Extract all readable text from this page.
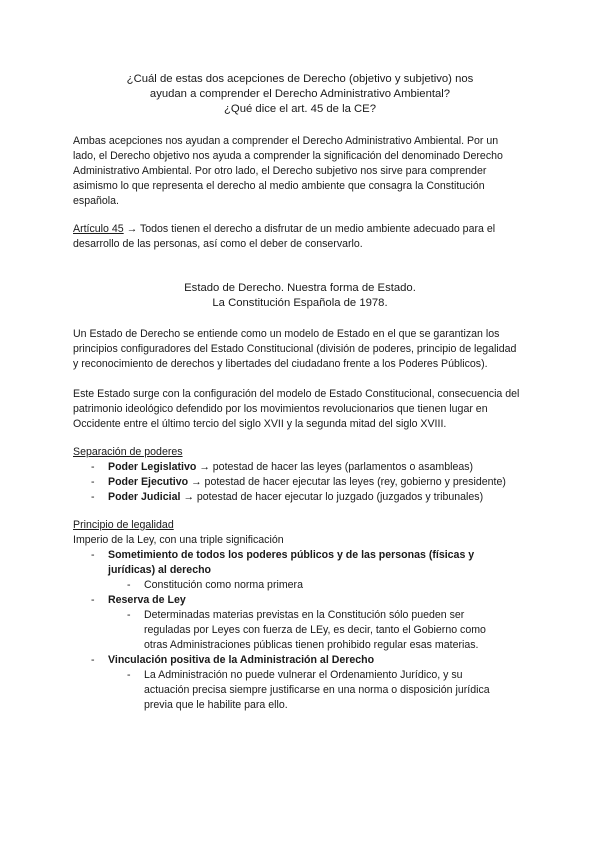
¿Cuál de estas dos acepciones de Derecho (objetivo y subjetivo) nos
ayudan a comprender el Derecho Administrativo Ambiental?
¿Qué dice el art. 45 de la CE?

Ambas acepciones nos ayudan a comprender el Derecho Administrativo Ambiental. Por un lado, el Derecho objetivo nos ayuda a comprender la significación del denominado Derecho Administrativo Ambiental. Por otro lado, el Derecho subjetivo nos sirve para comprender asimismo lo que representa el derecho al medio ambiente que consagra la Constitución española.

Artículo 45 → Todos tienen el derecho a disfrutar de un medio ambiente adecuado para el desarrollo de las personas, así como el deber de conservarlo.

Estado de Derecho. Nuestra forma de Estado.
La Constitución Española de 1978.

Un Estado de Derecho se entiende como un modelo de Estado en el que se garantizan los principios configuradores del Estado Constitucional (división de poderes, principio de legalidad y reconocimiento de derechos y libertades del ciudadano frente a los Poderes Públicos).

Este Estado surge con la configuración del modelo de Estado Constitucional, consecuencia del patrimonio ideológico defendido por los movimientos revolucionarios que tienen lugar en Occidente entre el último tercio del siglo XVII y la segunda mitad del siglo XVIII.

Separación de poderes
- Poder Legislativo → potestad de hacer las leyes (parlamentos o asambleas)
- Poder Ejecutivo → potestad de hacer ejecutar las leyes (rey, gobierno y presidente)
- Poder Judicial → potestad de hacer ejecutar lo juzgado (juzgados y tribunales)
Principio de legalidad
Imperio de la Ley, con una triple significación
- Sometimiento de todos los poderes públicos y de las personas (físicas y jurídicas) al derecho
- Constitución como norma primera
- Reserva de Ley
- Determinadas materias previstas en la Constitución sólo pueden ser reguladas por Leyes con fuerza de LEy, es decir, tanto el Gobierno como otras Administraciones públicas tienen prohibido regular esas materias.
- Vinculación positiva de la Administración al Derecho
- La Administración no puede vulnerar el Ordenamiento Jurídico, y su actuación precisa siempre justificarse en una norma o disposición jurídica previa que le habilite para ello.
